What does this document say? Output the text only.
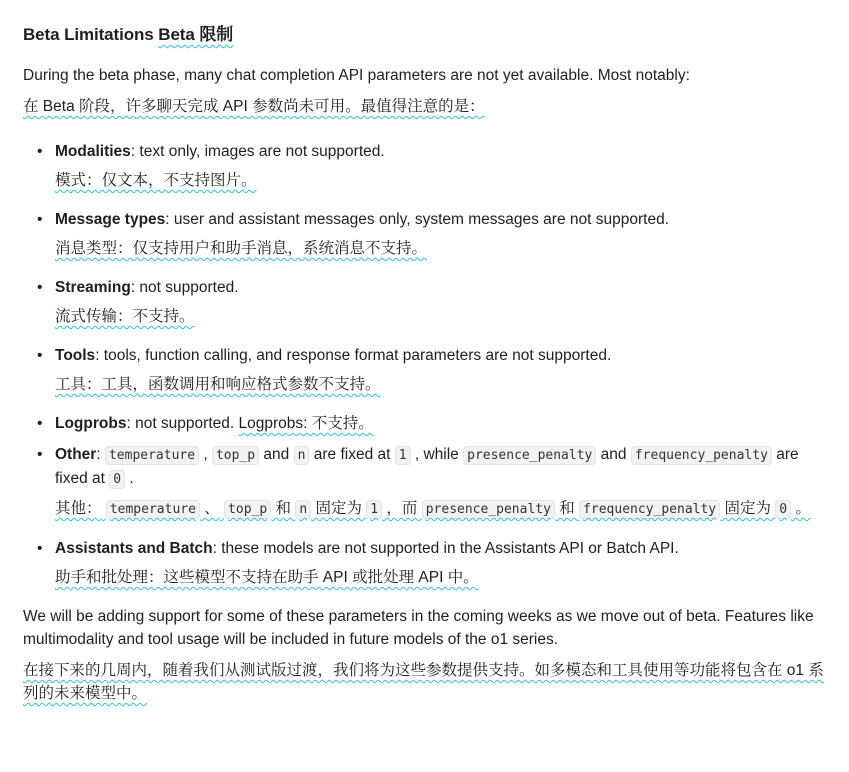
Beta Limitations Beta 限制

During the beta phase, many chat completion API parameters are not yet available. Most notably:

在 Beta 阶段，许多聊天完成 API 参数尚未可用。最值得注意的是：

• Modalities: text only, images are not supported.

模式：仅文本，不支持图片。

• Message types: user and assistant messages only, system messages are not supported.

消息类型：仅支持用户和助手消息，系统消息不支持。

• Streaming: not supported.

流式传输：不支持。

• Tools: tools, function calling, and response format parameters are not supported.

工具：工具，函数调用和响应格式参数不支持。

• Logprobs: not supported. Logprobs: 不支持。

• Other: temperature , top_p and n are fixed at 1 , while presence_penalty and frequency_penalty are fixed at 0 .

其他： temperature 、 top_p 和 n 固定为 1 ，而 presence_penalty 和 frequency_penalty 固定为 0 。

• Assistants and Batch: these models are not supported in the Assistants API or Batch API.

助手和批处理：这些模型不支持在助手 API 或批处理 API 中。

We will be adding support for some of these parameters in the coming weeks as we move out of beta. Features like multimodality and tool usage will be included in future models of the o1 series.

在接下来的几周内，随着我们从测试版过渡，我们将为这些参数提供支持。如多模态和工具使用等功能将包含在 o1 系列的未来模型中。
